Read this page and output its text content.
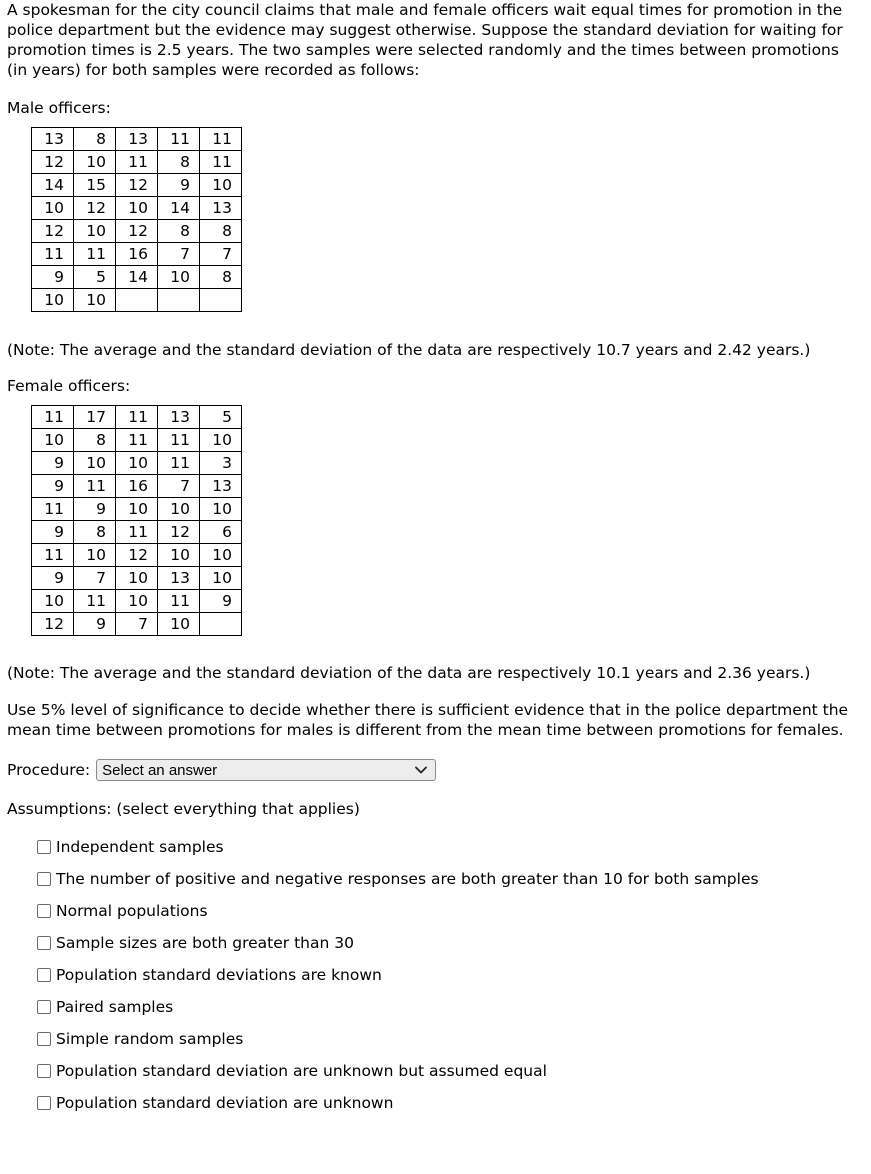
A spokesman for the city council claims that male and female officers wait equal times for promotion in the police department but the evidence may suggest otherwise. Suppose the standard deviation for waiting for promotion times is 2.5 years. The two samples were selected randomly and the times between promotions (in years) for both samples were recorded as follows:

Male officers:

13	8	13	11	11
12	10	11	8	11
14	15	12	9	10
10	12	10	14	13
12	10	12	8	8
11	11	16	7	7
9	5	14	10	8
10	10			

(Note: The average and the standard deviation of the data are respectively 10.7 years and 2.42 years.)

Female officers:

11	17	11	13	5
10	8	11	11	10
9	10	10	11	3
9	11	16	7	13
11	9	10	10	10
9	8	11	12	6
11	10	12	10	10
9	7	10	13	10
10	11	10	11	9
12	9	7	10	

(Note: The average and the standard deviation of the data are respectively 10.1 years and 2.36 years.)

Use 5% level of significance to decide whether there is sufficient evidence that in the police department the mean time between promotions for males is different from the mean time between promotions for females.

Procedure: Select an answer

Assumptions: (select everything that applies)

Independent samples
The number of positive and negative responses are both greater than 10 for both samples
Normal populations
Sample sizes are both greater than 30
Population standard deviations are known
Paired samples
Simple random samples
Population standard deviation are unknown but assumed equal
Population standard deviation are unknown
